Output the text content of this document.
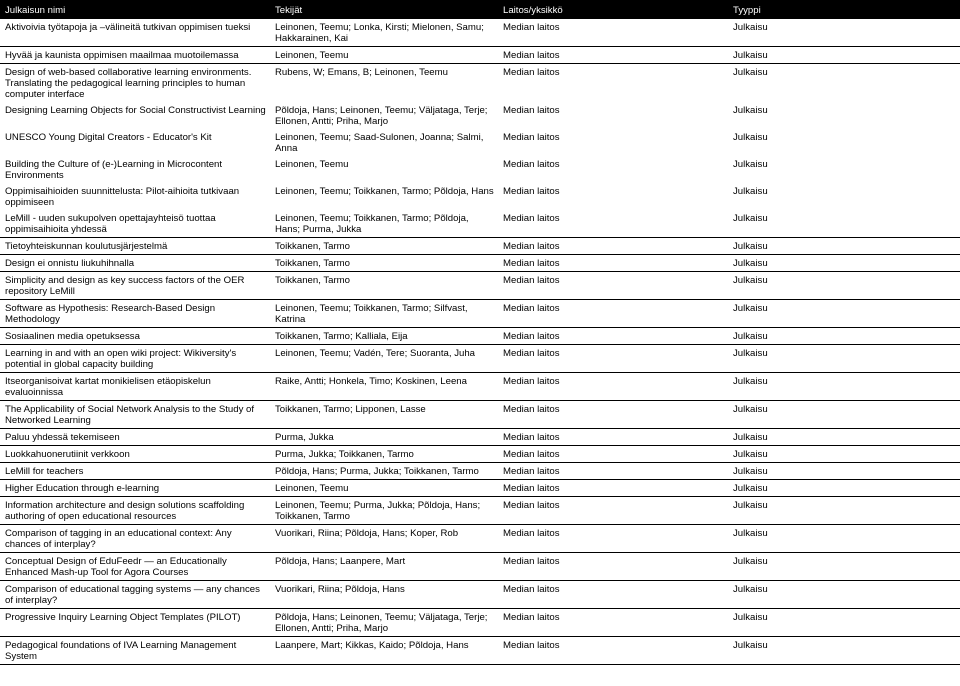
Julkaisun nimi	Tekijät	Laitos/yksikkö	Tyyppi
Aktivoivia työtapoja ja –välineitä tutkivan oppimisen tueksi	Leinonen, Teemu; Lonka, Kirsti; Mielonen, Samu; Hakkarainen, Kai	Median laitos	Julkaisu
Hyvää ja kaunista oppimisen maailmaa muotoilemassa	Leinonen, Teemu	Median laitos	Julkaisu
Design of web-based collaborative learning environments. Translating the pedagogical learning principles to human computer interface	Rubens, W; Emans, B; Leinonen, Teemu	Median laitos	Julkaisu
Designing Learning Objects for Social Constructivist Learning	Põldoja, Hans; Leinonen, Teemu; Väljataga, Terje; Ellonen, Antti; Priha, Marjo	Median laitos	Julkaisu
UNESCO Young Digital Creators - Educator's Kit	Leinonen, Teemu; Saad-Sulonen, Joanna; Salmi, Anna	Median laitos	Julkaisu
Building the Culture of (e-)Learning in Microcontent Environments	Leinonen, Teemu	Median laitos	Julkaisu
Oppimisaihioiden suunnittelusta: Pilot-aihioita tutkivaan oppimiseen	Leinonen, Teemu; Toikkanen, Tarmo; Põldoja, Hans	Median laitos	Julkaisu
LeMill - uuden sukupolven opettajayhteisö tuottaa oppimisaihioita yhdessä	Leinonen, Teemu; Toikkanen, Tarmo; Põldoja, Hans; Purma, Jukka	Median laitos	Julkaisu
Tietoyhteiskunnan koulutusjärjestelmä	Toikkanen, Tarmo	Median laitos	Julkaisu
Design ei onnistu liukuhihnalla	Toikkanen, Tarmo	Median laitos	Julkaisu
Simplicity and design as key success factors of the OER repository LeMill	Toikkanen, Tarmo	Median laitos	Julkaisu
Software as Hypothesis: Research-Based Design Methodology	Leinonen, Teemu; Toikkanen, Tarmo; Silfvast, Katrina	Median laitos	Julkaisu
Sosiaalinen media opetuksessa	Toikkanen, Tarmo; Kalliala, Eija	Median laitos	Julkaisu
Learning in and with an open wiki project: Wikiversity's potential in global capacity building	Leinonen, Teemu; Vadén, Tere; Suoranta, Juha	Median laitos	Julkaisu
Itseorganisoivat kartat monikielisen etäopiskelun evaluoinnissa	Raike, Antti; Honkela, Timo; Koskinen, Leena	Median laitos	Julkaisu
The Applicability of Social Network Analysis to the Study of Networked Learning	Toikkanen, Tarmo; Lipponen, Lasse	Median laitos	Julkaisu
Paluu yhdessä tekemiseen	Purma, Jukka	Median laitos	Julkaisu
Luokkahuonerutiinit verkkoon	Purma, Jukka; Toikkanen, Tarmo	Median laitos	Julkaisu
LeMill for teachers	Põldoja, Hans; Purma, Jukka; Toikkanen, Tarmo	Median laitos	Julkaisu
Higher Education through e-learning	Leinonen, Teemu	Median laitos	Julkaisu
Information architecture and design solutions scaffolding authoring of open educational resources	Leinonen, Teemu; Purma, Jukka; Põldoja, Hans; Toikkanen, Tarmo	Median laitos	Julkaisu
Comparison of tagging in an educational context: Any chances of interplay?	Vuorikari, Riina; Põldoja, Hans; Koper, Rob	Median laitos	Julkaisu
Conceptual Design of EduFeedr — an Educationally Enhanced Mash-up Tool for Agora Courses	Põldoja, Hans; Laanpere, Mart	Median laitos	Julkaisu
Comparison of educational tagging systems — any chances of interplay?	Vuorikari, Riina; Põldoja, Hans	Median laitos	Julkaisu
Progressive Inquiry Learning Object Templates (PILOT)	Põldoja, Hans; Leinonen, Teemu; Väljataga, Terje; Ellonen, Antti; Priha, Marjo	Median laitos	Julkaisu
Pedagogical foundations of IVA Learning Management System	Laanpere, Mart; Kikkas, Kaido; Põldoja, Hans	Median laitos	Julkaisu
